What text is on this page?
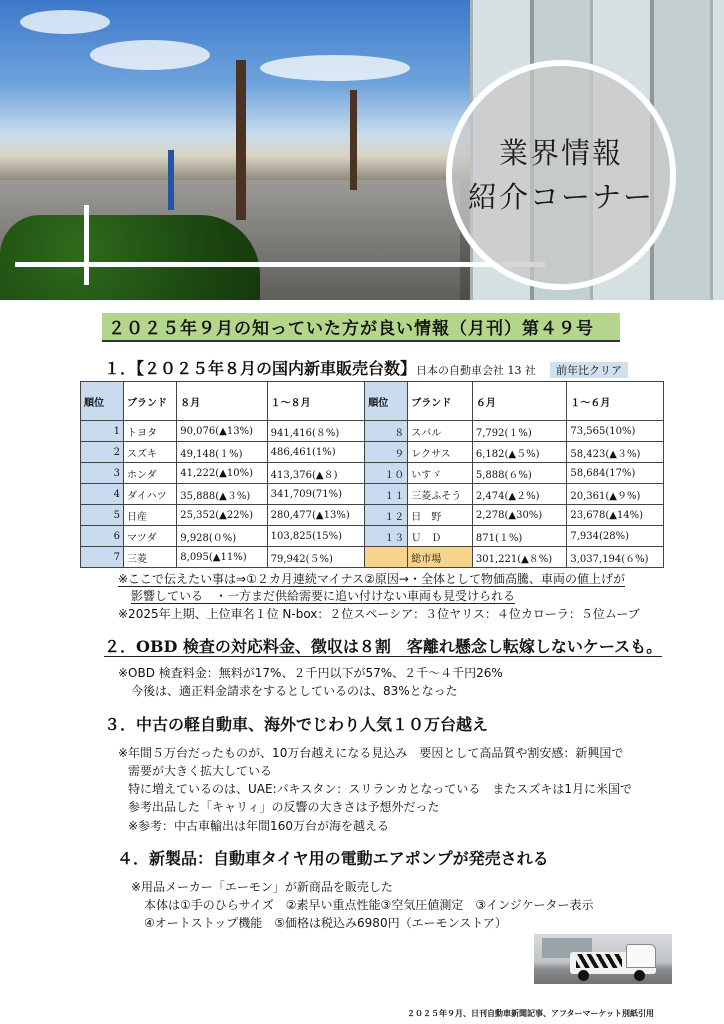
業界情報
紹介コーナー
２０２５年９月の知っていた方が良い情報（月刊）第４９号
１．【２０２５年８月の国内新車販売台数】日本の自動車会社 13 社 前年比クリア
順位	ブランド	８月	１～８月	順位	ブランド	６月	１～６月
1	トヨタ	90,076(▲13%)	941,416(８%)	８	スバル	7,792(１%)	73,565(10%)
2	スズキ	49,148(１%)	486,461(1%)	９	レクサス	6,182(▲５%)	58,423(▲３%)
3	ホンダ	41,222(▲10%)	413,376(▲８)	１０	いすゞ	5,888(６%)	58,684(17%)
4	ダイハツ	35,888(▲３%)	341,709(71%)	１１	三菱ふそう	2,474(▲２%)	20,361(▲９%)
5	日産	25,352(▲22%)	280,477(▲13%)	１２	日　野	2,278(▲30%)	23,678(▲14%)
6	マツダ	9,928(０%)	103,825(15%)	１３	Ｕ　Ｄ	871(１%)	7,934(28%)
7	三菱	8,095(▲11%)	79,942(５%)		総市場	301,221(▲８%)	3,037,194(６%)
※ここで伝えたい事は⇒①２カ月連続マイナス②原因→・全体として物価高騰、車両の値上げが
影響している　・一方まだ供給需要に追い付けない車両も見受けられる
※2025年上期、上位車名１位 N-box：２位スペーシア：３位ヤリス：４位カローラ：５位ムーブ
２．OBD 検査の対応料金、徴収は８割　客離れ懸念し転嫁しないケースも。
※OBD 検査料金：無料が17%、２千円以下が57%、２千～４千円26%
今後は、適正料金請求をするとしているのは、83%となった
３．中古の軽自動車、海外でじわり人気１０万台越え
※年間５万台だったものが、10万台越えになる見込み　要因として高品質や割安感：新興国で
需要が大きく拡大している
特に増えているのは、UAE:パキスタン：スリランカとなっている　またスズキは1月に米国で
参考出品した「キャリィ」の反響の大きさは予想外だった
※参考：中古車輸出は年間160万台が海を越える
４．新製品：自動車タイヤ用の電動エアポンプが発売される
※用品メーカー「エーモン」が新商品を販売した
本体は①手のひらサイズ　②素早い重点性能③空気圧値測定　③インジケーター表示
④オートストップ機能　⑤価格は税込み6980円（エーモンストア）
２０２５年９月、日刊自動車新聞記事、アフターマーケット別紙引用
